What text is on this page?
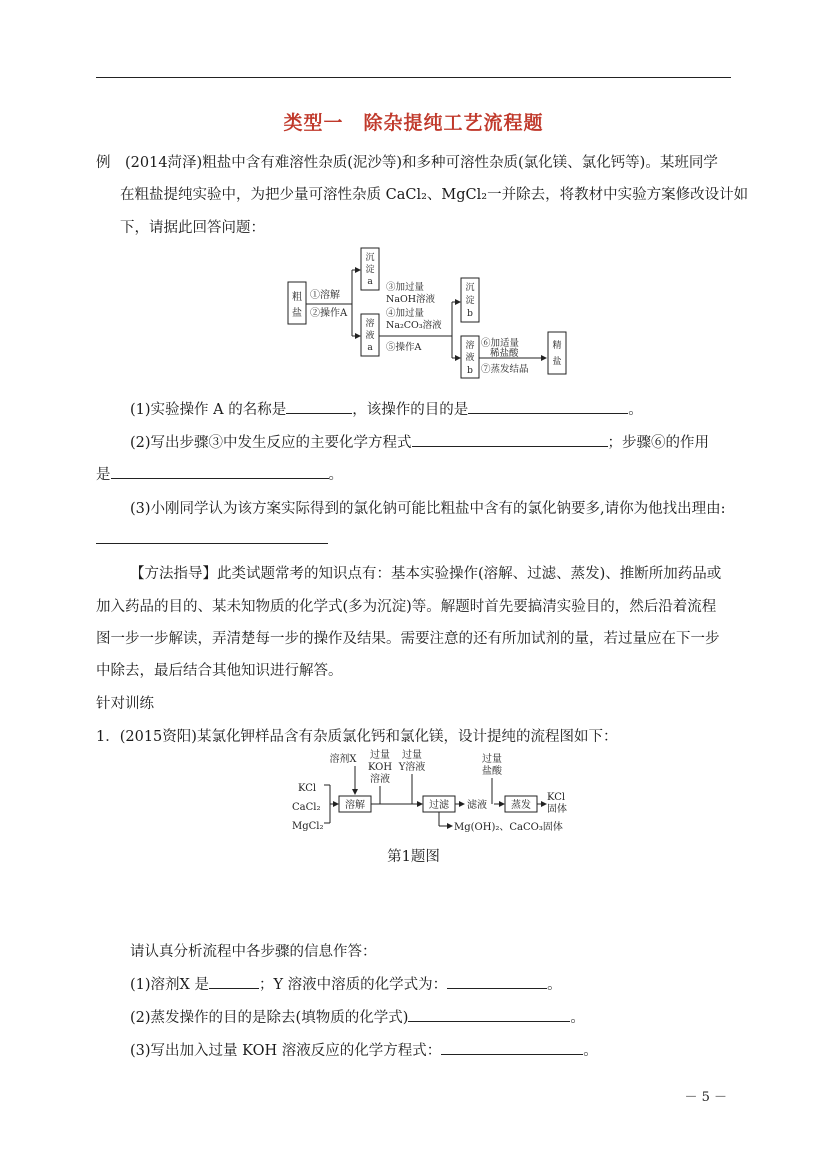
类型一　除杂提纯工艺流程题
例　(2014菏泽)粗盐中含有难溶性杂质(泥沙等)和多种可溶性杂质(氯化镁、氯化钙等)。某班同学
在粗盐提纯实验中，为把少量可溶性杂质 CaCl₂、MgCl₂一并除去，将教材中实验方案修改设计如
下，请据此回答问题：
粗
盐
①溶解
②操作A
沉
淀
a
溶
液
a
③加过量
NaOH溶液
④加过量
Na₂CO₃溶液
⑤操作A
沉
淀
b
溶
液
b
⑥加适量
稀盐酸
⑦蒸发结晶
精
盐
(1)实验操作 A 的名称是	，该操作的目的是	。
(2)写出步骤③中发生反应的主要化学方程式	；步骤⑥的作用
是	。
(3)小刚同学认为该方案实际得到的氯化钠可能比粗盐中含有的氯化钠要多,请你为他找出理由:
【方法指导】此类试题常考的知识点有：基本实验操作(溶解、过滤、蒸发)、推断所加药品或
加入药品的目的、某未知物质的化学式(多为沉淀)等。解题时首先要搞清实验目的，然后沿着流程
图一步一步解读，弄清楚每一步的操作及结果。需要注意的还有所加试剂的量，若过量应在下一步
中除去，最后结合其他知识进行解答。
针对训练
1．(2015资阳)某氯化钾样品含有杂质氯化钙和氯化镁，设计提纯的流程图如下：
KCl
CaCl₂
MgCl₂
溶解
溶剂X 过量
KOH
溶液
过量
Y溶液
过滤 滤液
过量
盐酸
蒸发
KCl
固体
Mg(OH)₂、CaCO₃固体
第1题图
请认真分析流程中各步骤的信息作答：
(1)溶剂X 是	；Y 溶液中溶质的化学式为：	。
(2)蒸发操作的目的是除去(填物质的化学式)	。
(3)写出加入过量 KOH 溶液反应的化学方程式：	。
－ 5 －
